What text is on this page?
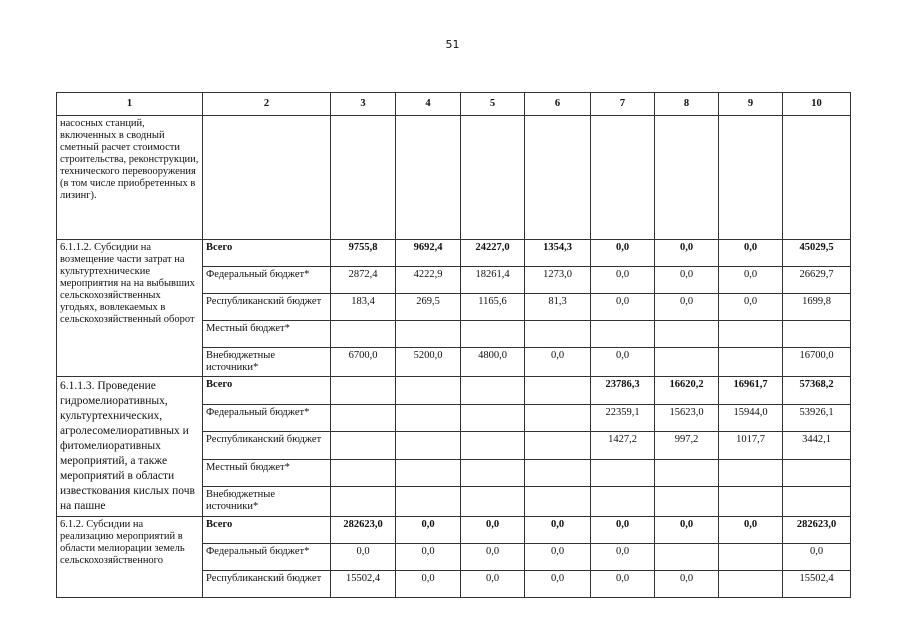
51
1	2	3	4	5	6	7	8	9	10
насосных станций, включенных в сводный сметный расчет стоимости строительства, реконструкции, технического перевооружения (в том числе приобретенных в лизинг).									
6.1.1.2. Субсидии на возмещение части затрат на культуртехнические мероприятия на на выбывших сельскохозяйственных угодьях, вовлекаемых в сельскохозяйственный оборот	Всего	9755,8	9692,4	24227,0	1354,3	0,0	0,0	0,0	45029,5
	Федеральный бюджет*	2872,4	4222,9	18261,4	1273,0	0,0	0,0	0,0	26629,7
	Республиканский бюджет	183,4	269,5	1165,6	81,3	0,0	0,0	0,0	1699,8
	Местный бюджет*								
	Внебюджетные источники*	6700,0	5200,0	4800,0	0,0	0,0			16700,0
6.1.1.3. Проведение гидромелиоративных, культуртехнических, агролесомелиоративных и фитомелиоративных мероприятий, а также мероприятий в области известкования кислых почв на пашне	Всего					23786,3	16620,2	16961,7	57368,2
	Федеральный бюджет*					22359,1	15623,0	15944,0	53926,1
	Республиканский бюджет					1427,2	997,2	1017,7	3442,1
	Местный бюджет*								
	Внебюджетные источники*								
6.1.2. Субсидии на реализацию мероприятий в области мелиорации земель сельскохозяйственного	Всего	282623,0	0,0	0,0	0,0	0,0	0,0	0,0	282623,0
	Федеральный бюджет*	0,0	0,0	0,0	0,0	0,0			0,0
	Республиканский бюджет	15502,4	0,0	0,0	0,0	0,0	0,0		15502,4
